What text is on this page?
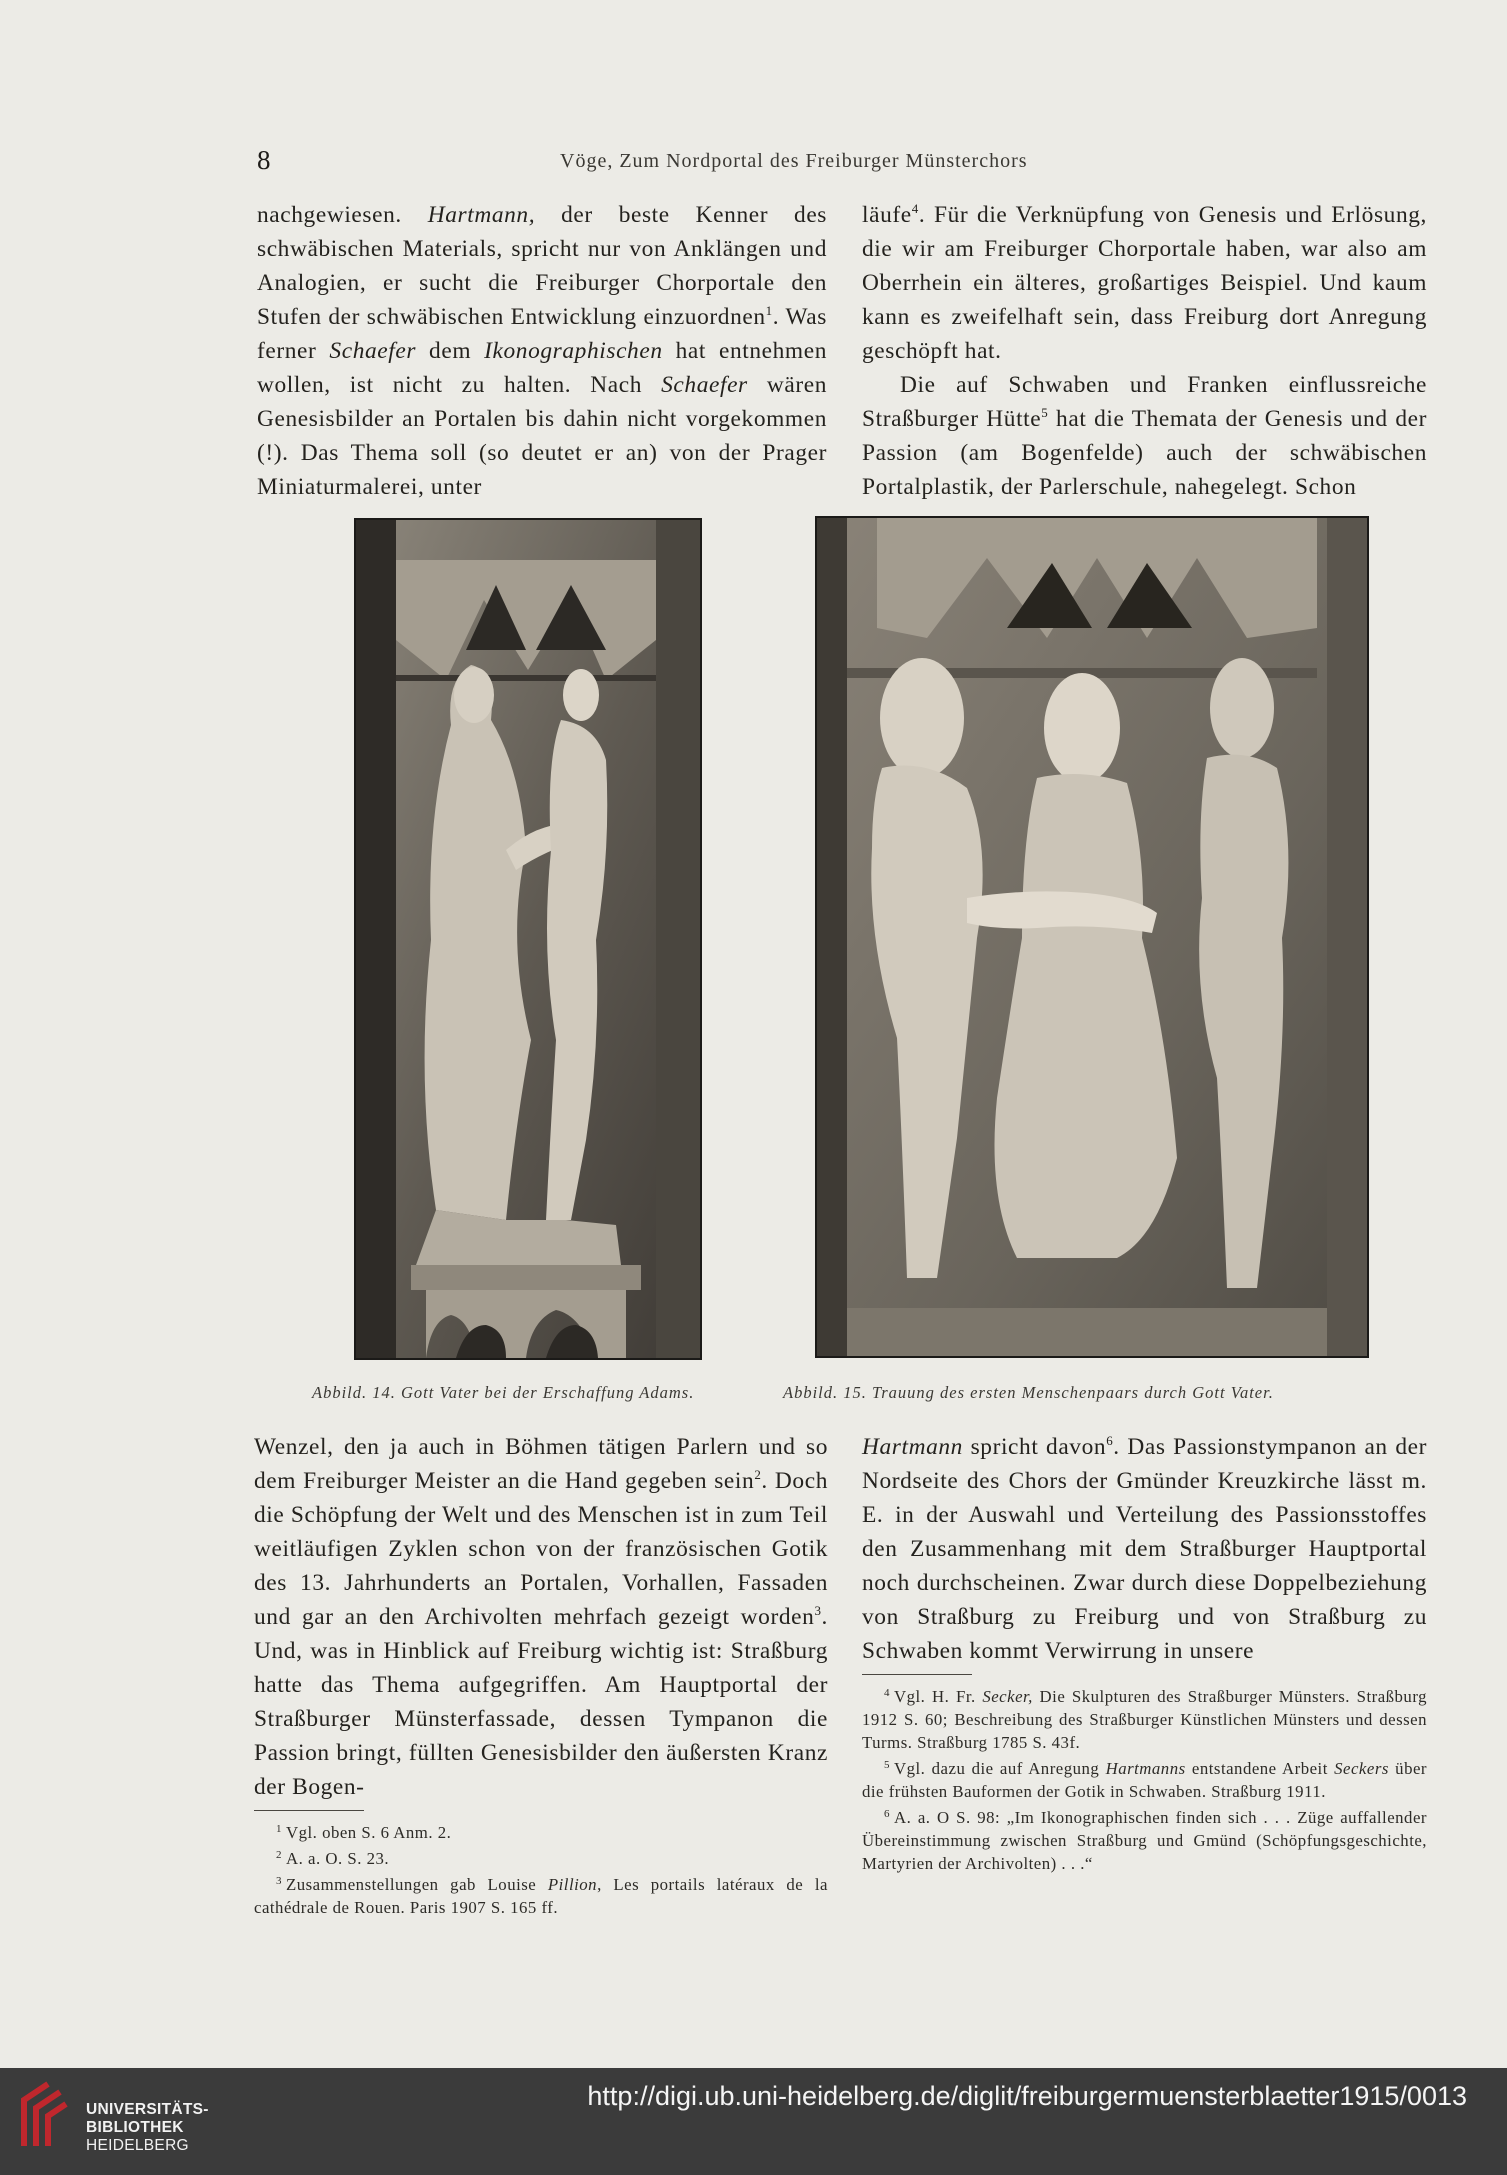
8	Vöge, Zum Nordportal des Freiburger Münsterchors

nachgewiesen. Hartmann, der beste Kenner des schwäbischen Materials, spricht nur von Anklängen und Analogien, er sucht die Freiburger Chorportale den Stufen der schwäbischen Entwicklung einzuordnen$^1$. Was ferner Schaefer dem Ikonographischen hat entnehmen wollen, ist nicht zu halten. Nach Schaefer wären Genesisbilder an Portalen bis dahin nicht vorgekommen (!). Das Thema soll (so deutet er an) von der Prager Miniaturmalerei, unter

läufe$^4$. Für die Verknüpfung von Genesis und Erlösung, die wir am Freiburger Chorportale haben, war also am Oberrhein ein älteres, großartiges Beispiel. Und kaum kann es zweifelhaft sein, dass Freiburg dort Anregung geschöpft hat.

Die auf Schwaben und Franken einflussreiche Straßburger Hütte$^5$ hat die Themata der Genesis und der Passion (am Bogenfelde) auch der schwäbischen Portalplastik, der Parlerschule, nahegelegt. Schon

Abbild. 14. Gott Vater bei der Erschaffung Adams.	Abbild. 15. Trauung des ersten Menschenpaars durch Gott Vater.

Wenzel, den ja auch in Böhmen tätigen Parlern und so dem Freiburger Meister an die Hand gegeben sein$^2$. Doch die Schöpfung der Welt und des Menschen ist in zum Teil weitläufigen Zyklen schon von der französischen Gotik des 13. Jahrhunderts an Portalen, Vorhallen, Fassaden und gar an den Archivolten mehrfach gezeigt worden$^3$. Und, was in Hinblick auf Freiburg wichtig ist: Straßburg hatte das Thema aufgegriffen. Am Hauptportal der Straßburger Münsterfassade, dessen Tympanon die Passion bringt, füllten Genesisbilder den äußersten Kranz der Bogen-

$^1$ Vgl. oben S. 6 Anm. 2.
$^2$ A. a. O. S. 23.
$^3$ Zusammenstellungen gab Louise Pillion, Les portails latéraux de la cathédrale de Rouen. Paris 1907 S. 165 ff.

Hartmann spricht davon$^6$. Das Passionstympanon an der Nordseite des Chors der Gmünder Kreuzkirche lässt m. E. in der Auswahl und Verteilung des Passionsstoffes den Zusammenhang mit dem Straßburger Hauptportal noch durchscheinen. Zwar durch diese Doppelbeziehung von Straßburg zu Freiburg und von Straßburg zu Schwaben kommt Verwirrung in unsere

$^4$ Vgl. H. Fr. Secker, Die Skulpturen des Straßburger Münsters. Straßburg 1912 S. 60; Beschreibung des Straßburger Künstlichen Münsters und dessen Turms. Straßburg 1785 S. 43f.
$^5$ Vgl. dazu die auf Anregung Hartmanns entstandene Arbeit Seckers über die frühsten Bauformen der Gotik in Schwaben. Straßburg 1911.
$^6$ A. a. O S. 98: „Im Ikonographischen finden sich . . . Züge auffallender Übereinstimmung zwischen Straßburg und Gmünd (Schöpfungsgeschichte, Martyrien der Archivolten) . . .“
UNIVERSITÄTS-
BIBLIOTHEK
HEIDELBERG
http://digi.ub.uni-heidelberg.de/diglit/freiburgermuensterblaetter1915/0013
